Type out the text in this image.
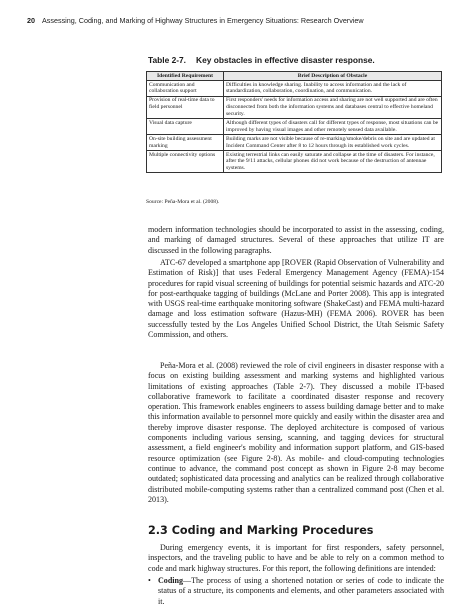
20 Assessing, Coding, and Marking of Highway Structures in Emergency Situations: Research Overview
Table 2-7. Key obstacles in effective disaster response.
Identified Requirement	Brief Description of Obstacle
Communication and collaboration support	Difficulties in knowledge sharing. Inability to access information and the lack of standardization, collaboration, coordination, and communication.
Provision of real-time data to field personnel	First responders' needs for information access and sharing are not well supported and are often disconnected from both the information systems and databases central to effective homeland security.
Visual data capture	Although different types of disasters call for different types of response, most situations can be improved by having visual images and other remotely sensed data available.
On-site building assessment marking	Building marks are not visible because of re-marking/smoke/debris on site and are updated at Incident Command Center after 8 to 12 hours through its established work cycles.
Multiple connectivity options	Existing terrestrial links can easily saturate and collapse at the time of disasters. For instance, after the 9/11 attacks, cellular phones did not work because of the destruction of antennae systems.
Source: Peña-Mora et al. (2008).

modern information technologies should be incorporated to assist in the assessing, coding, and marking of damaged structures. Several of these approaches that utilize IT are discussed in the following paragraphs.

ATC-67 developed a smartphone app [ROVER (Rapid Observation of Vulnerability and Estimation of Risk)] that uses Federal Emergency Management Agency (FEMA)-154 procedures for rapid visual screening of buildings for potential seismic hazards and ATC-20 for post-earthquake tagging of buildings (McLane and Porter 2008). This app is integrated with USGS real-time earthquake monitoring software (ShakeCast) and FEMA multi-hazard damage and loss estimation software (Hazus-MH) (FEMA 2006). ROVER has been successfully tested by the Los Angeles Unified School District, the Utah Seismic Safety Commission, and others.

Peña-Mora et al. (2008) reviewed the role of civil engineers in disaster response with a focus on existing building assessment and marking systems and highlighted various limitations of existing approaches (Table 2-7). They discussed a mobile IT-based collaborative framework to facilitate a coordinated disaster response and recovery operation. This framework enables engineers to assess building damage better and to make this information available to personnel more quickly and easily within the disaster area and thereby improve disaster response. The deployed architecture is composed of various components including various sensing, scanning, and tagging devices for structural assessment, a field engineer's mobility and information support platform, and GIS-based resource optimization (see Figure 2-8). As mobile- and cloud-computing technologies continue to advance, the command post concept as shown in Figure 2-8 may become outdated; sophisticated data processing and analytics can be realized through collaborative distributed mobile-computing systems rather than a centralized command post (Chen et al. 2013).

2.3 Coding and Marking Procedures

During emergency events, it is important for first responders, safety personnel, inspectors, and the traveling public to have and be able to rely on a common method to code and mark highway structures. For this report, the following definitions are intended:

• Coding—The process of using a shortened notation or series of code to indicate the status of a structure, its components and elements, and other parameters associated with it.
